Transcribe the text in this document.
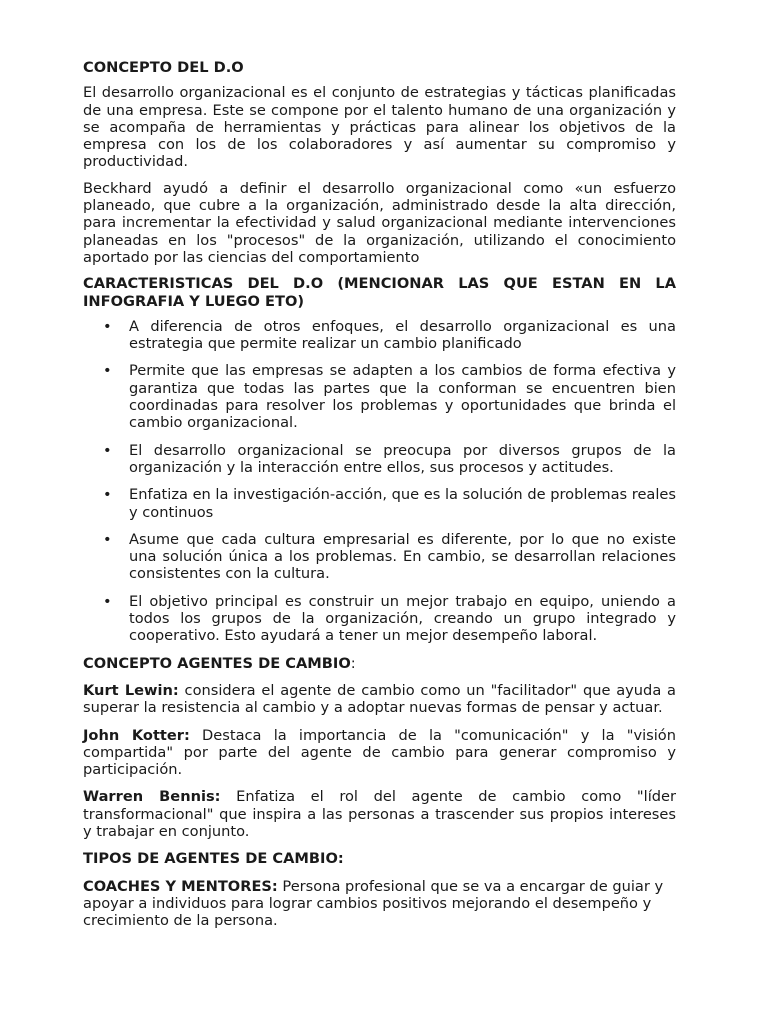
CONCEPTO DEL D.O

El desarrollo organizacional es el conjunto de estrategias y tácticas planificadas de una empresa. Este se compone por el talento humano de una organización y se acompaña de herramientas y prácticas para alinear los objetivos de la empresa con los de los colaboradores y así aumentar su compromiso y productividad.

Beckhard ayudó a definir el desarrollo organizacional como «un esfuerzo planeado, que cubre a la organización, administrado desde la alta dirección, para incrementar la efectividad y salud organizacional mediante intervenciones planeadas en los "procesos" de la organización, utilizando el conocimiento aportado por las ciencias del comportamiento

CARACTERISTICAS DEL D.O (MENCIONAR LAS QUE ESTAN EN LA INFOGRAFIA Y LUEGO ETO)

• A diferencia de otros enfoques, el desarrollo organizacional es una estrategia que permite realizar un cambio planificado
• Permite que las empresas se adapten a los cambios de forma efectiva y garantiza que todas las partes que la conforman se encuentren bien coordinadas para resolver los problemas y oportunidades que brinda el cambio organizacional.
• El desarrollo organizacional se preocupa por diversos grupos de la organización y la interacción entre ellos, sus procesos y actitudes.
• Enfatiza en la investigación-acción, que es la solución de problemas reales y continuos
• Asume que cada cultura empresarial es diferente, por lo que no existe una solución única a los problemas. En cambio, se desarrollan relaciones consistentes con la cultura.
• El objetivo principal es construir un mejor trabajo en equipo, uniendo a todos los grupos de la organización, creando un grupo integrado y cooperativo. Esto ayudará a tener un mejor desempeño laboral.

CONCEPTO AGENTES DE CAMBIO:

Kurt Lewin: considera el agente de cambio como un "facilitador" que ayuda a superar la resistencia al cambio y a adoptar nuevas formas de pensar y actuar.

John Kotter: Destaca la importancia de la "comunicación" y la "visión compartida" por parte del agente de cambio para generar compromiso y participación.

Warren Bennis: Enfatiza el rol del agente de cambio como "líder transformacional" que inspira a las personas a trascender sus propios intereses y trabajar en conjunto.

TIPOS DE AGENTES DE CAMBIO:

COACHES Y MENTORES: Persona profesional que se va a encargar de guiar y apoyar a individuos para lograr cambios positivos mejorando el desempeño y crecimiento de la persona.
